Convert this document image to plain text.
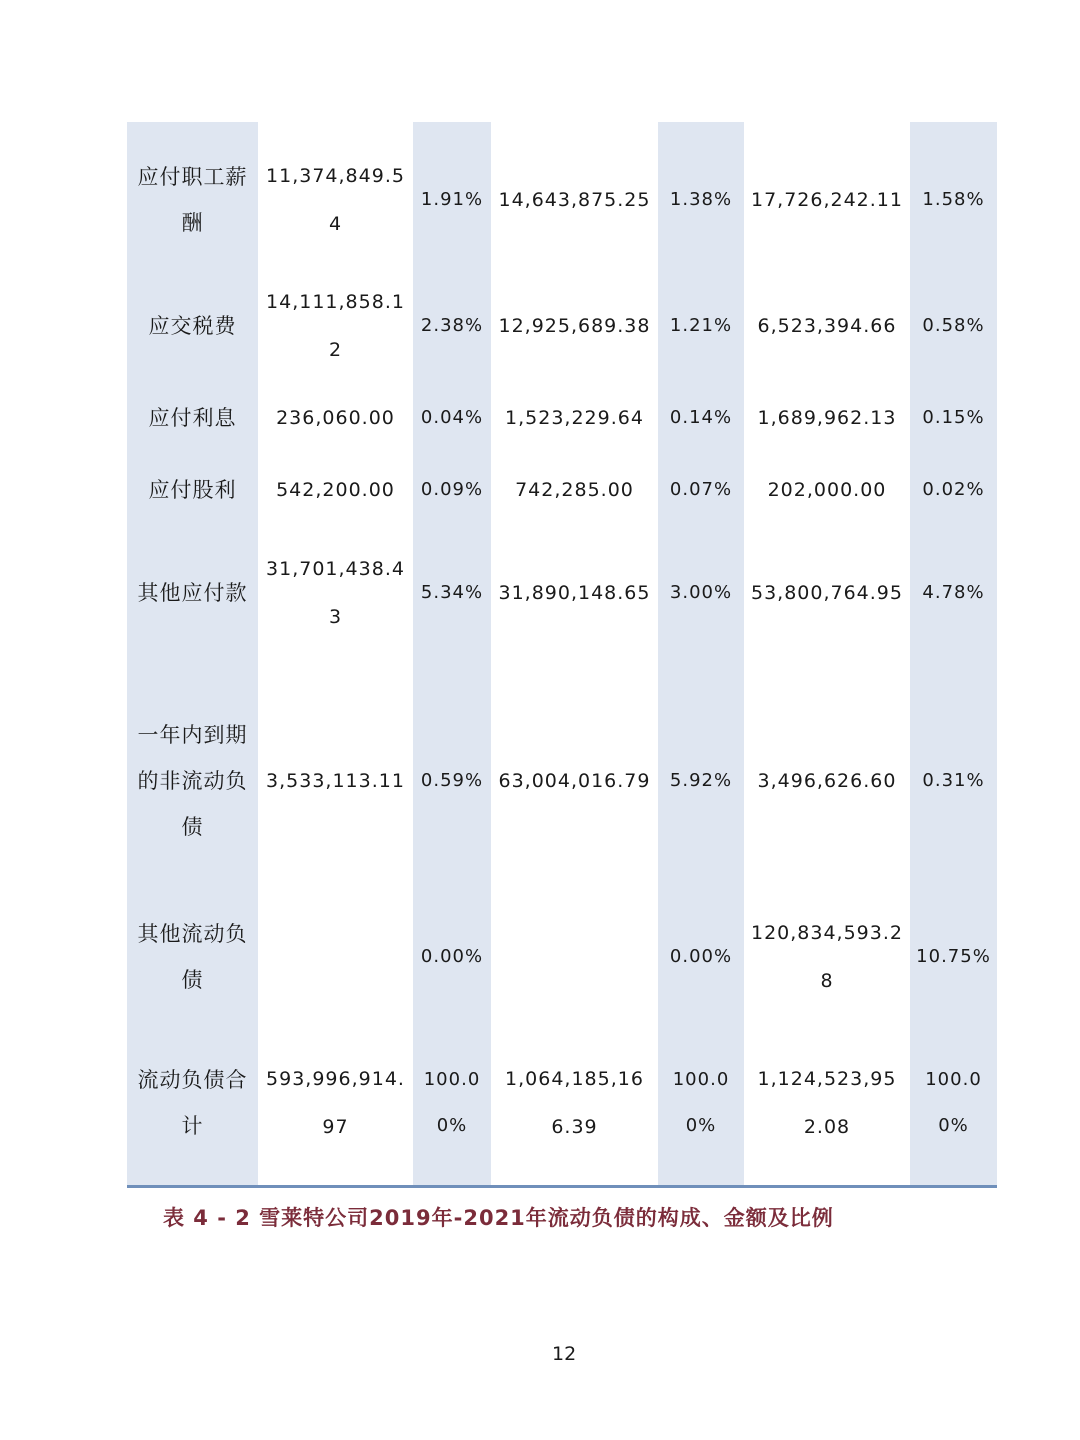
应付职工薪酬	11,374,849.54	1.91%	14,643,875.25	1.38%	17,726,242.11	1.58%
应交税费	14,111,858.12	2.38%	12,925,689.38	1.21%	6,523,394.66	0.58%
应付利息	236,060.00	0.04%	1,523,229.64	0.14%	1,689,962.13	0.15%
应付股利	542,200.00	0.09%	742,285.00	0.07%	202,000.00	0.02%
其他应付款	31,701,438.43	5.34%	31,890,148.65	3.00%	53,800,764.95	4.78%
一年内到期的非流动负债	3,533,113.11	0.59%	63,004,016.79	5.92%	3,496,626.60	0.31%
其他流动负债		0.00%		0.00%	120,834,593.28	10.75%
流动负债合计	593,996,914.97	100.00%	1,064,185,166.39	100.00%	1,124,523,952.08	100.00%
表 4 - 2 雪莱特公司2019年-2021年流动负债的构成、金额及比例
12
